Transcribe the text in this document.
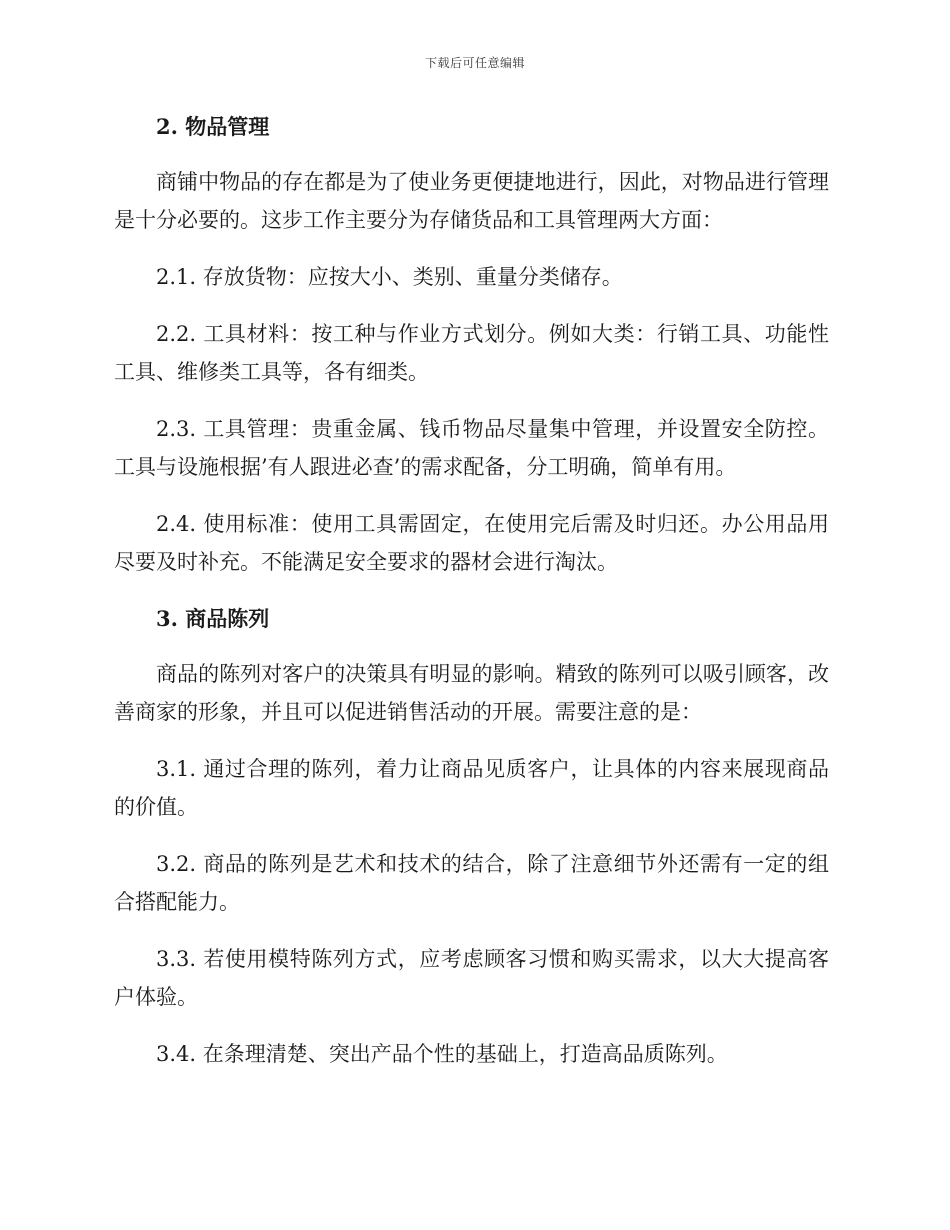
下载后可任意编辑
2. 物品管理

商铺中物品的存在都是为了使业务更便捷地进行，因此，对物品进行管理是十分必要的。这步工作主要分为存储货品和工具管理两大方面：

2.1. 存放货物：应按大小、类别、重量分类储存。

2.2. 工具材料：按工种与作业方式划分。例如大类：行销工具、功能性工具、维修类工具等，各有细类。

2.3. 工具管理：贵重金属、钱币物品尽量集中管理，并设置安全防控。工具与设施根据’有人跟进必查’的需求配备，分工明确，简单有用。

2.4. 使用标准：使用工具需固定，在使用完后需及时归还。办公用品用尽要及时补充。不能满足安全要求的器材会进行淘汰。

3. 商品陈列

商品的陈列对客户的决策具有明显的影响。精致的陈列可以吸引顾客，改善商家的形象，并且可以促进销售活动的开展。需要注意的是：

3.1. 通过合理的陈列，着力让商品见质客户，让具体的内容来展现商品的价值。

3.2. 商品的陈列是艺术和技术的结合，除了注意细节外还需有一定的组合搭配能力。

3.3. 若使用模特陈列方式，应考虑顾客习惯和购买需求，以大大提高客户体验。

3.4. 在条理清楚、突出产品个性的基础上，打造高品质陈列。
